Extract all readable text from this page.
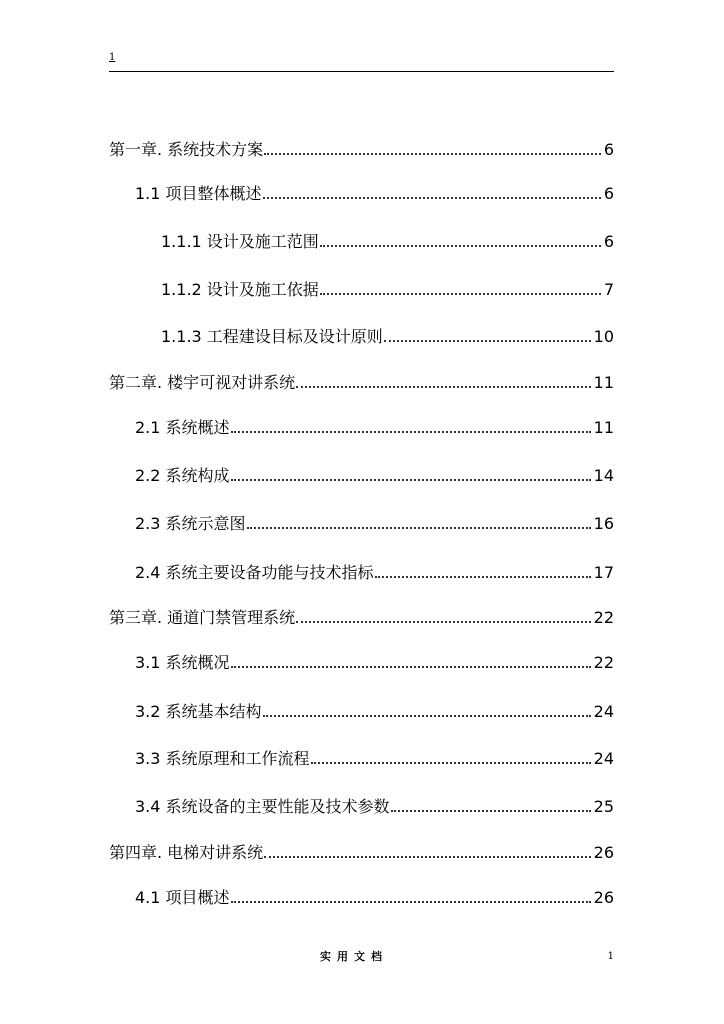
1
第一章. 系统技术方案	6
1.1 项目整体概述	6
1.1.1 设计及施工范围	6
1.1.2 设计及施工依据	7
1.1.3 工程建设目标及设计原则	10
第二章. 楼宇可视对讲系统	11
2.1 系统概述	11
2.2 系统构成	14
2.3 系统示意图	16
2.4 系统主要设备功能与技术指标	17
第三章. 通道门禁管理系统	22
3.1 系统概况	22
3.2 系统基本结构	24
3.3 系统原理和工作流程	24
3.4 系统设备的主要性能及技术参数	25
第四章. 电梯对讲系统	26
4.1 项目概述	26
实用文档	1
